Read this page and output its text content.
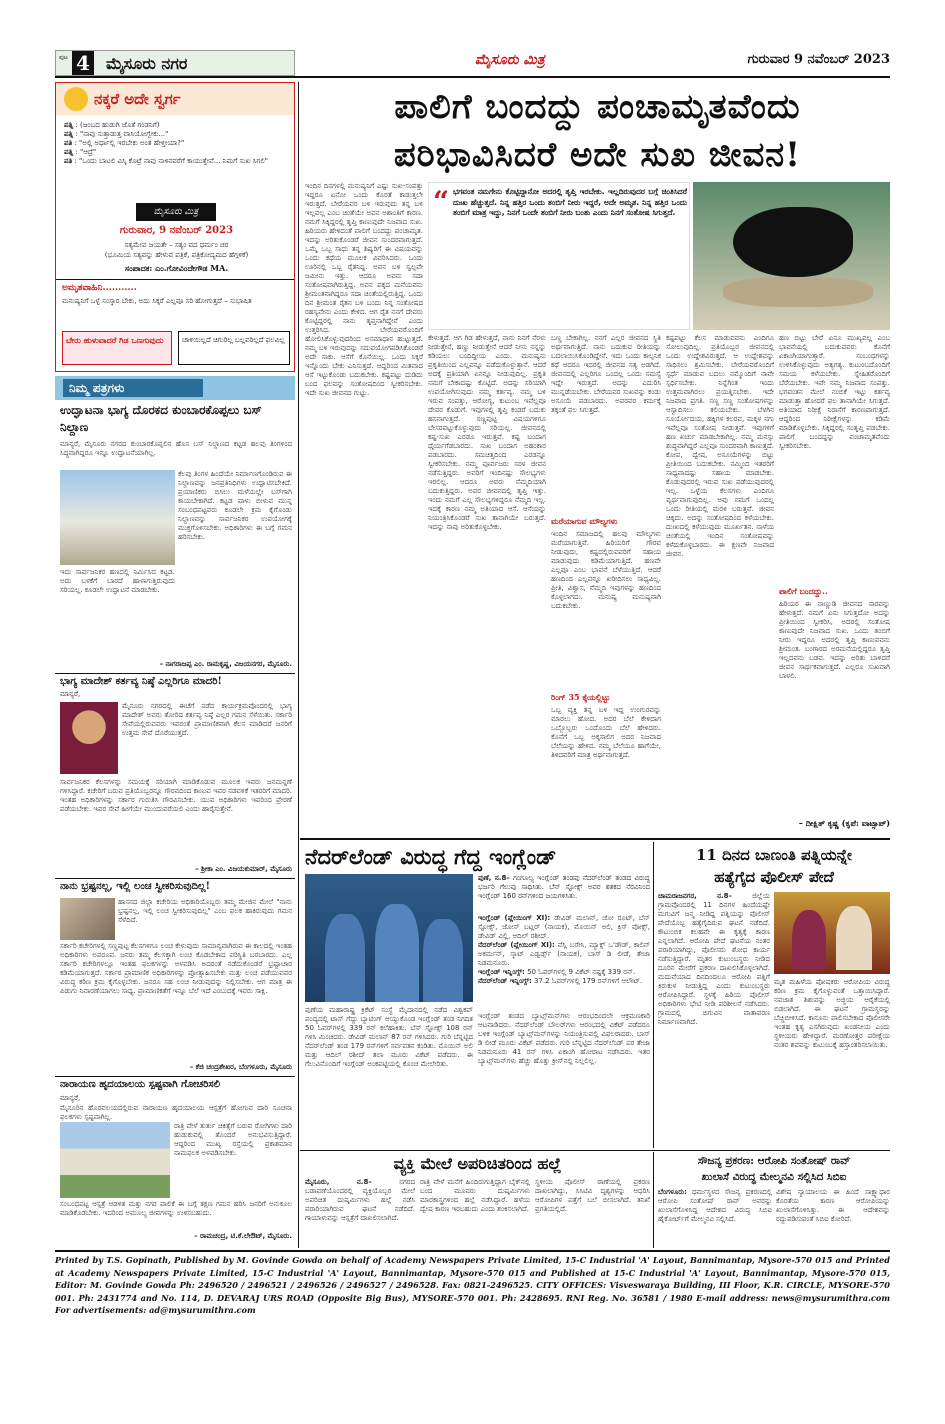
ಪುಟ 4 ಮೈಸೂರು ನಗರ	ಮೈಸೂರು ಮಿತ್ರ	ಗುರುವಾರ 9 ನವೆಂಬರ್ 2023
ನಕ್ಕರೆ ಅದೇ ಸ್ವರ್ಗ
ಪತ್ನಿ : (ಜಂಬದ ಹುಡುಗಿ ಜೊತೆ ಗಂಡನಿಗೆ)
ಪತ್ನಿ : "ನಾವು ಸುತ್ತಾಡುತ್ತ ವಾಸಿಯೋಗ್ಬೇಕು..."
ಪತಿ : "ಅಲ್ಲಿ ಅರ್ಧಾಲ್ಲಿ ಇರಬೇಕು ಅಂತ ಹೇಳ್ತೀಯಾ?"
ಪತ್ನಿ : "ಆದ್ರೆ"
ಪತಿ : "ಒಂದು ಬಾಟಲಿ ವಿಸ್ಕಿ ಕೊಟ್ರೆ ನಾವು ನಾಳಿನವರೆಗೆ ಕಾಯುತ್ತೇವೆ... ನಿಮಗೆ ಸುಖ ಸಿಗಲಿ"
ಮೈಸೂರು ಮಿತ್ರ
ಗುರುವಾರ, 9 ನವೆಂಬರ್ 2023
ಸತ್ಯಮೇವ ಜಯತೇ – ಸತ್ಯಂ ವದ ಧರ್ಮಂ ಚರ
(ಭೂಮಿಯ ಸತ್ಯವನ್ನು ಹೇಳುವ ಪತ್ರಿಕೆ, ಪತ್ರಿಕೋದ್ಯಮದ ಹೆಗ್ಗಳಿಕೆ)
ಸಂಪಾದಕ: ಎಂ.ಗೋವಿಂದೇಗೌಡ MA.
ಅಮೃತವಾಹಿನಿ...........
ಮನುಷ್ಯನಿಗೆ ಒಳ್ಳೆ ಸಂಸ್ಕಾರ ಬೇಕು, ಅದು ಸಿಕ್ಕರೆ ಎಲ್ಲವೂ ಸರಿ ಹೋಗುತ್ತದೆ – ಸುಭಾಷಿತ
ಬೇರು ಹುಳುವಾದರೆ ಗಿಡ ಒಣಗುವುದು	ಚಾಳಿಯಿಲ್ಲದೆ ಚಿಗುರಿಲ್ಲ ಬಲ್ಲವರಿಲ್ಲದೆ ಫಲವಿಲ್ಲ
ನಿಮ್ಮ ಪತ್ರಗಳು
ಉದ್ಘಾಟನಾ ಭಾಗ್ಯ ದೊರಕದ ಕುಂಬಾರಕೊಪ್ಪಲು ಬಸ್ ನಿಲ್ದಾಣ
ಮಾನ್ಯರೆ, ಮೈಸೂರು ನಗರದ ಕುಂಬಾರಕೊಪ್ಪಲಿನ ಹೊಸ ಬಸ್ ನಿಲ್ದಾಣದ ಕಟ್ಟಡ ಹಲವು ತಿಂಗಳಿಂದ ಸಿದ್ಧವಾಗಿದ್ದರೂ ಇನ್ನೂ ಉದ್ಘಾಟನೆಯಾಗಿಲ್ಲ.
ಕೆಲವು ತಿಂಗಳ ಹಿಂದೆಯೇ ನಿರ್ಮಾಣಗೊಂಡಿರುವ ಈ ನಿಲ್ದಾಣವನ್ನು ಜನಪ್ರತಿನಿಧಿಗಳು ಉದ್ಘಾಟಿಸಬೇಕಿದೆ. ಪ್ರಯಾಣಿಕರು ಬಿಸಿಲು ಮಳೆಯಲ್ಲೇ ಬಸ್‌ಗಾಗಿ ಕಾಯಬೇಕಾಗಿದೆ. ಕಟ್ಟಡ ಪಾಳು ಬೀಳುವ ಮುನ್ನ ಸಂಬಂಧಪಟ್ಟವರು ಕೂಡಲೇ ಕ್ರಮ ಕೈಗೊಂಡು ನಿಲ್ದಾಣವನ್ನು ಸಾರ್ವಜನಿಕರ ಉಪಯೋಗಕ್ಕೆ ಮುಕ್ತಗೊಳಿಸಬೇಕು. ಅಧಿಕಾರಿಗಳು ಈ ಬಗ್ಗೆ ಗಮನ ಹರಿಸಬೇಕು.
ಇದು ಸಾರ್ವಜನಿಕರ ಹಣದಲ್ಲಿ ನಿರ್ಮಿಸಿದ ಕಟ್ಟಡ. ಅದು ಬಳಕೆಗೆ ಬಾರದೆ ಹಾಳಾಗುತ್ತಿರುವುದು ಸರಿಯಲ್ಲ. ಕೂಡಲೇ ಉದ್ಘಾಟನೆ ಮಾಡಬೇಕು.
– ನಾಗರಾಜಪ್ಪ ಎಂ. ರಾಮಕೃಷ್ಣ, ವಿಜಯನಗರ, ಮೈಸೂರು.
ಭಾಗ್ಯ ಮಾದೇಶ್ ಕರ್ತವ್ಯ ನಿಷ್ಠೆ ಎಲ್ಲರಿಗೂ ಮಾದರಿ!
ಮಾನ್ಯರೆ,
ಮೈಸೂರು ನಗರದಲ್ಲಿ ಈಚೆಗೆ ನಡೆದ ಕಾರ್ಯಕ್ರಮವೊಂದರಲ್ಲಿ ಭಾಗ್ಯ ಮಾದೇಶ್ ಅವರು ತೋರಿದ ಕರ್ತವ್ಯ ನಿಷ್ಠೆ ಎಲ್ಲರ ಗಮನ ಸೆಳೆಯಿತು. ಸರ್ಕಾರಿ ಸೇವೆಯಲ್ಲಿರುವವರು ಇವರಂತೆ ಪ್ರಾಮಾಣಿಕವಾಗಿ ಕೆಲಸ ಮಾಡಿದರೆ ಜನರಿಗೆ ಉತ್ತಮ ಸೇವೆ ದೊರೆಯುತ್ತದೆ.
ಸಾರ್ವಜನಿಕರ ಕೆಲಸಗಳನ್ನು ಸಮಯಕ್ಕೆ ಸರಿಯಾಗಿ ಮಾಡಿಕೊಡುವ ಮೂಲಕ ಇವರು ಜನಮನ್ನಣೆ ಗಳಿಸಿದ್ದಾರೆ. ಕಚೇರಿಗೆ ಬರುವ ಪ್ರತಿಯೊಬ್ಬರನ್ನೂ ಗೌರವದಿಂದ ಕಾಣುವ ಇವರ ನಡವಳಿಕೆ ಇತರರಿಗೆ ಮಾದರಿ. ಇಂತಹ ಅಧಿಕಾರಿಗಳನ್ನು ಸರ್ಕಾರ ಗುರುತಿಸಿ ಗೌರವಿಸಬೇಕು. ಯುವ ಅಧಿಕಾರಿಗಳು ಇವರಿಂದ ಪ್ರೇರಣೆ ಪಡೆಯಬೇಕು. ಇವರ ಸೇವೆ ಹೀಗೆಯೇ ಮುಂದುವರೆಯಲಿ ಎಂದು ಹಾರೈಸುತ್ತೇನೆ.
– ಶ್ರೀಕಾ ಎಂ. ವಿಜಯಕುಮಾರ್, ಮೈಸೂರು
ನಾನು ಭ್ರಷ್ಟನಲ್ಲ, ಇಲ್ಲಿ ಲಂಚ ಸ್ವೀಕರಿಸುವುದಿಲ್ಲ!
ಹಾಸನದ ಜಿಲ್ಲಾ ಕಚೇರಿಯ ಅಧಿಕಾರಿಯೊಬ್ಬರು ತಮ್ಮ ಮೇಜಿನ ಮೇಲೆ "ನಾನು ಭ್ರಷ್ಟನಲ್ಲ, ಇಲ್ಲಿ ಲಂಚ ಸ್ವೀಕರಿಸುವುದಿಲ್ಲ" ಎಂಬ ಫಲಕ ಹಾಕಿರುವುದು ಗಮನ ಸೆಳೆದಿದೆ.
ಸರ್ಕಾರಿ ಕಚೇರಿಗಳಲ್ಲಿ ಸಣ್ಣಪುಟ್ಟ ಕೆಲಸಗಳಿಗೂ ಲಂಚ ಕೇಳುವುದು ಸಾಮಾನ್ಯವಾಗಿರುವ ಈ ಕಾಲದಲ್ಲಿ ಇಂತಹ ಅಧಿಕಾರಿಗಳು ಅಪರೂಪ. ಜನರು ತಮ್ಮ ಕೆಲಸಕ್ಕಾಗಿ ಲಂಚ ಕೊಡಬೇಕಾದ ಪರಿಸ್ಥಿತಿ ಬರಬಾರದು. ಎಲ್ಲ ಸರ್ಕಾರಿ ಕಚೇರಿಗಳಲ್ಲೂ ಇಂತಹ ಫಲಕಗಳನ್ನು ಅಳವಡಿಸಿ ಅದರಂತೆ ನಡೆದುಕೊಂಡರೆ ಭ್ರಷ್ಟಾಚಾರ ಕಡಿಮೆಯಾಗುತ್ತದೆ. ಸರ್ಕಾರ ಪ್ರಾಮಾಣಿಕ ಅಧಿಕಾರಿಗಳನ್ನು ಪ್ರೋತ್ಸಾಹಿಸಬೇಕು ಮತ್ತು ಲಂಚ ಪಡೆಯುವವರ ವಿರುದ್ಧ ಕಠಿಣ ಕ್ರಮ ಕೈಗೊಳ್ಳಬೇಕು. ಜನರೂ ಸಹ ಲಂಚ ನೀಡುವುದನ್ನು ನಿಲ್ಲಿಸಬೇಕು. ಆಗ ಮಾತ್ರ ಈ ಪಿಡುಗು ನಿವಾರಣೆಯಾಗಲು ಸಾಧ್ಯ. ಪ್ರಾಮಾಣಿಕತೆಗೆ ಇನ್ನೂ ಬೆಲೆ ಇದೆ ಎಂಬುದಕ್ಕೆ ಇವರು ಸಾಕ್ಷಿ.
– ಕೆಜಿ ಚಂದ್ರಶೇಖರ, ಬೆಂಗಳೂರು, ಮೈಸೂರು
ನಾರಾಯಣ ಹೃದಯಾಲಯ ಸ್ಪಷ್ಟವಾಗಿ ಗೋಚರಿಸಲಿ
ಮಾನ್ಯರೆ,
ಮೈಸೂರಿನ ಹೊರವಲಯದಲ್ಲಿರುವ ನಾರಾಯಣ ಹೃದಯಾಲಯ ಆಸ್ಪತ್ರೆಗೆ ಹೋಗುವ ದಾರಿ ಸೂಚನಾ ಫಲಕಗಳು ಸ್ಪಷ್ಟವಾಗಿಲ್ಲ.
ರಾತ್ರಿ ವೇಳೆ ತುರ್ತು ಚಿಕಿತ್ಸೆಗೆ ಬರುವ ರೋಗಿಗಳು ದಾರಿ ಹುಡುಕುವಲ್ಲಿ ತೊಂದರೆ ಅನುಭವಿಸುತ್ತಿದ್ದಾರೆ. ಆದ್ದರಿಂದ ಮುಖ್ಯ ರಸ್ತೆಯಲ್ಲಿ ಪ್ರಕಾಶಮಾನ ನಾಮಫಲಕ ಅಳವಡಿಸಬೇಕು.
ಸಂಬಂಧಪಟ್ಟ ಆಸ್ಪತ್ರೆ ಆಡಳಿತ ಮತ್ತು ನಗರ ಪಾಲಿಕೆ ಈ ಬಗ್ಗೆ ತಕ್ಷಣ ಗಮನ ಹರಿಸಿ ಜನರಿಗೆ ಅನುಕೂಲ ಮಾಡಿಕೊಡಬೇಕು. ಇದರಿಂದ ಅಮೂಲ್ಯ ಜೀವಗಳನ್ನು ಉಳಿಸಬಹುದು.
– ರಾಮಚಂದ್ರ, ಟಿ.ಕೆ.ಲೇಔಟ್, ಮೈಸೂರು.
ಪಾಲಿಗೆ ಬಂದದ್ದು ಪಂಚಾಮೃತವೆಂದು
ಪರಿಭಾವಿಸಿದರೆ ಅದೇ ಸುಖ ಜೀವನ!
ಇಂದಿನ ದಿನಗಳಲ್ಲಿ ಮನುಷ್ಯನಿಗೆ ಎಷ್ಟು ಸುಖ-ಸಂಪತ್ತು ಇದ್ದರೂ ಏನೋ ಒಂದು ಕೊರತೆ ಕಾಡುತ್ತಲೇ ಇರುತ್ತದೆ. ಬೇರೆಯವರ ಬಳಿ ಇರುವುದು ತನ್ನ ಬಳಿ ಇಲ್ಲವಲ್ಲ ಎಂಬ ಚಿಂತೆಯೇ ಅವನ ಅಶಾಂತಿಗೆ ಕಾರಣ. ನಮಗೆ ಸಿಕ್ಕಿದ್ದರಲ್ಲಿ ತೃಪ್ತಿ ಕಾಣುವುದೇ ನಿಜವಾದ ಸುಖ. ಹಿರಿಯರು ಹೇಳಿದಂತೆ ಪಾಲಿಗೆ ಬಂದದ್ದು ಪಂಚಾಮೃತ. ಇದನ್ನು ಅರಿತುಕೊಂಡರೆ ಜೀವನ ಸುಂದರವಾಗುತ್ತದೆ. ಒಮ್ಮೆ ಒಬ್ಬ ಸಾಧು ತನ್ನ ಶಿಷ್ಯರಿಗೆ ಈ ವಿಷಯವನ್ನು ಒಂದು ಕಥೆಯ ಮೂಲಕ ವಿವರಿಸಿದರು. ಒಂದು ಊರಿನಲ್ಲಿ ಒಬ್ಬ ರೈತನಿದ್ದ. ಅವನ ಬಳಿ ಸ್ವಲ್ಪವೇ ಜಮೀನು ಇತ್ತು. ಆದರೂ ಅವನು ಸದಾ ಸಂತೋಷವಾಗಿರುತ್ತಿದ್ದ. ಅವನ ಪಕ್ಕದ ಮನೆಯವನು ಶ್ರೀಮಂತನಾಗಿದ್ದರೂ ಸದಾ ಚಿಂತೆಯಲ್ಲಿರುತ್ತಿದ್ದ. ಒಂದು ದಿನ ಶ್ರೀಮಂತ ರೈತನ ಬಳಿ ಬಂದು ನಿನ್ನ ಸಂತೋಷದ ರಹಸ್ಯವೇನು ಎಂದು ಕೇಳಿದ. ಆಗ ರೈತ ನನಗೆ ದೇವರು ಕೊಟ್ಟಿದ್ದರಲ್ಲಿ ನಾನು ತೃಪ್ತನಾಗಿದ್ದೇನೆ ಎಂದು ಉತ್ತರಿಸಿದ. ಬೇರೆಯವರೊಂದಿಗೆ ಹೋಲಿಸಿಕೊಳ್ಳುವುದರಿಂದ ಅಸಮಾಧಾನ ಹುಟ್ಟುತ್ತದೆ. ನಮ್ಮ ಬಳಿ ಇರುವುದನ್ನು ಸದುಪಯೋಗಪಡಿಸಿಕೊಂಡರೆ ಅದೇ ಸಾಕು. ಆಸೆಗೆ ಕೊನೆಯಿಲ್ಲ. ಒಂದು ಸಿಕ್ಕರೆ ಇನ್ನೊಂದು ಬೇಕು ಎನಿಸುತ್ತದೆ. ಆದ್ದರಿಂದ ಮಿತವಾದ ಆಸೆ ಇಟ್ಟುಕೊಂಡು ಬದುಕಬೇಕು. ಕಷ್ಟಪಟ್ಟು ದುಡಿದು ಬಂದ ಫಲವನ್ನು ಸಂತೋಷದಿಂದ ಸ್ವೀಕರಿಸಬೇಕು. ಇದೇ ಸುಖ ಜೀವನದ ಗುಟ್ಟು.
“ ಭಗವಂತ ನಮಗೇನು ಕೊಟ್ಟಿದ್ದಾನೋ ಅದರಲ್ಲಿ ತೃಪ್ತಿ ಇರಬೇಕು. ಇಲ್ಲದಿರುವುದರ ಬಗ್ಗೆ ಚಿಂತಿಸಿದರೆ ದುಃಖ ಹೆಚ್ಚುತ್ತದೆ. ನಿನ್ನ ಹತ್ತಿರ ಒಂದು ತಂಬಿಗೆ ನೀರು ಇದ್ದರೆ, ಅದೇ ಅಮೃತ. ನಿನ್ನ ಹತ್ತಿರ ಒಂದು ತಂಬಿಗೆ ಮಾತ್ರ ಇದ್ದು, ನಿನಗೆ ಒಂದೇ ತಂಬಿಗೆ ನೀರು ಬಂತು ಎಂದು ನಿನಗೆ ಸಂತೋಷ ಸಿಗುತ್ತದೆ.
ಕೇಳುತ್ತದೆ. ಆಗ ಗಿಡ ಹೇಳುತ್ತದೆ, ನಾನು ನಿನಗೆ ನೆರಳು ನೀಡುತ್ತೇನೆ, ಹಣ್ಣು ನೀಡುತ್ತೇನೆ ಆದರೆ ನೀನು ನನ್ನನ್ನು ಕಡಿಯಲು ಬಂದಿದ್ದೀಯ ಎಂದು. ಮನುಷ್ಯನು ಪ್ರಕೃತಿಯಿಂದ ಎಲ್ಲವನ್ನೂ ಪಡೆದುಕೊಳ್ಳುತ್ತಾನೆ. ಆದರೆ ಅದಕ್ಕೆ ಪ್ರತಿಯಾಗಿ ಏನನ್ನೂ ನೀಡುವುದಿಲ್ಲ. ಪ್ರಕೃತಿ ನಮಗೆ ಬೇಕಾದಷ್ಟು ಕೊಟ್ಟಿದೆ. ಅದನ್ನು ಸರಿಯಾಗಿ ಉಪಯೋಗಿಸುವುದು ನಮ್ಮ ಕರ್ತವ್ಯ. ನಮ್ಮ ಬಳಿ ಇರುವ ಸಂಪತ್ತು, ಆರೋಗ್ಯ, ಕುಟುಂಬ ಇವೆಲ್ಲವೂ ದೇವರ ಕೊಡುಗೆ. ಇವುಗಳಲ್ಲಿ ತೃಪ್ತಿ ಕಂಡರೆ ಬದುಕು ಹಸನಾಗುತ್ತದೆ. ಸಣ್ಣಪುಟ್ಟ ವಿಷಯಗಳಿಗೂ ಬೇಸರಪಟ್ಟುಕೊಳ್ಳುವುದು ಸರಿಯಲ್ಲ. ಜೀವನದಲ್ಲಿ ಕಷ್ಟ-ಸುಖ ಎರಡೂ ಇರುತ್ತವೆ. ಕಷ್ಟ ಬಂದಾಗ ಧೈರ್ಯಗೆಡಬಾರದು. ಸುಖ ಬಂದಾಗ ಅಹಂಕಾರ ಪಡಬಾರದು. ಸಮಚಿತ್ತದಿಂದ ಎರಡನ್ನೂ ಸ್ವೀಕರಿಸಬೇಕು. ನಮ್ಮ ಪೂರ್ವಜರು ಸರಳ ಜೀವನ ನಡೆಸುತ್ತಿದ್ದರು. ಅವರಿಗೆ ಇಂದಿನಷ್ಟು ಸೌಲಭ್ಯಗಳು ಇರಲಿಲ್ಲ. ಆದರೂ ಅವರು ನೆಮ್ಮದಿಯಾಗಿ ಬದುಕುತ್ತಿದ್ದರು. ಅವರ ಜೀವನದಲ್ಲಿ ತೃಪ್ತಿ ಇತ್ತು. ಇಂದು ನಮಗೆ ಎಲ್ಲ ಸೌಲಭ್ಯಗಳಿದ್ದರೂ ನೆಮ್ಮದಿ ಇಲ್ಲ. ಇದಕ್ಕೆ ಕಾರಣ ನಮ್ಮ ಅತಿಯಾದ ಆಸೆ. ಆಸೆಯನ್ನು ನಿಯಂತ್ರಿಸಿಕೊಂಡರೆ ಸುಖ ತಾನಾಗಿಯೇ ಬರುತ್ತದೆ. ಇದನ್ನು ನಾವು ಅರಿತುಕೊಳ್ಳಬೇಕು.
ಬಣ್ಣ ಬೇಕಾಗಿಲ್ಲ. ನನಗೆ ಎಲ್ಲರ ಜೀವನದ ಸ್ಥಿತಿ ಅರ್ಥವಾಗುತ್ತಿದೆ. ನಾನು ಬದುಕುವ ರೀತಿಯನ್ನು ಬದಲಾಯಿಸಿಕೊಂಡಿದ್ದೇನೆ. ಇದು ಒಂದು ಕಾಲ್ಪನಿಕ ಕಥೆ ಆದರೂ ಇದರಲ್ಲಿ ಜೀವನದ ಸತ್ಯ ಅಡಗಿದೆ. ಜೀವನದಲ್ಲಿ ಎಲ್ಲರಿಗೂ ಒಂದಲ್ಲ ಒಂದು ಸಮಸ್ಯೆ ಇದ್ದೇ ಇರುತ್ತದೆ. ಅದನ್ನು ಎದುರಿಸಿ ಮುನ್ನಡೆಯಬೇಕು. ಬೇರೆಯವರ ಸುಖವನ್ನು ಕಂಡು ಅಸೂಯೆ ಪಡಬಾರದು. ಅವರವರ ಕರ್ಮಕ್ಕೆ ತಕ್ಕಂತೆ ಫಲ ಸಿಗುತ್ತದೆ.
ಮರೆಯಾಗುವ ಮೌಲ್ಯಗಳು
ಇಂದಿನ ಸಮಾಜದಲ್ಲಿ ಹಲವು ಮೌಲ್ಯಗಳು ಮರೆಯಾಗುತ್ತಿವೆ. ಹಿರಿಯರಿಗೆ ಗೌರವ ನೀಡುವುದು, ಕಷ್ಟದಲ್ಲಿರುವವರಿಗೆ ಸಹಾಯ ಮಾಡುವುದು ಕಡಿಮೆಯಾಗುತ್ತಿದೆ. ಹಣವೇ ಎಲ್ಲವೂ ಎಂಬ ಭಾವನೆ ಬೆಳೆಯುತ್ತಿದೆ. ಆದರೆ ಹಣದಿಂದ ಎಲ್ಲವನ್ನೂ ಖರೀದಿಸಲು ಸಾಧ್ಯವಿಲ್ಲ. ಪ್ರೀತಿ, ವಿಶ್ವಾಸ, ನೆಮ್ಮದಿ ಇವುಗಳನ್ನು ಹಣದಿಂದ ಕೊಳ್ಳಲಾಗದು. ಮನುಷ್ಯ ಮನುಷ್ಯನಾಗಿ ಬದುಕಬೇಕು.
ರಿಂಗ್ 35 ಕೈಯಲ್ಲಿಟ್ಟು
ಒಬ್ಬ ವ್ಯಕ್ತಿ ತನ್ನ ಬಳಿ ಇದ್ದ ಉಂಗುರವನ್ನು ಮಾರಲು ಹೋದ. ಅದರ ಬೆಲೆ ಕೇಳಿದಾಗ ಒಬ್ಬೊಬ್ಬರು ಒಂದೊಂದು ಬೆಲೆ ಹೇಳಿದರು. ಕೊನೆಗೆ ಒಬ್ಬ ಅಕ್ಕಸಾಲಿಗ ಅದರ ನಿಜವಾದ ಬೆಲೆಯನ್ನು ಹೇಳಿದ. ನಮ್ಮ ಬೆಲೆಯೂ ಹಾಗೆಯೇ, ತಿಳಿದವರಿಗೆ ಮಾತ್ರ ಅರ್ಥವಾಗುತ್ತದೆ.
ಕಷ್ಟಪಟ್ಟು ಕೆಲಸ ಮಾಡುವವನು ಎಂದಿಗೂ ಸೋಲುವುದಿಲ್ಲ. ಪ್ರತಿಯೊಬ್ಬರ ಜೀವನದಲ್ಲಿ ಒಂದು ಉದ್ದೇಶವಿರುತ್ತದೆ. ಆ ಉದ್ದೇಶವನ್ನು ಸಾಧಿಸಲು ಶ್ರಮಿಸಬೇಕು. ಬೇರೆಯವರೊಂದಿಗೆ ಸ್ಪರ್ಧೆ ಮಾಡುವ ಬದಲು ನಮ್ಮೊಂದಿಗೆ ನಾವೇ ಸ್ಪರ್ಧಿಸಬೇಕು. ನಿನ್ನೆಗಿಂತ ಇಂದು ಉತ್ತಮವಾಗಿರಲು ಪ್ರಯತ್ನಿಸಬೇಕು. ಇದೇ ನಿಜವಾದ ಪ್ರಗತಿ. ಸಣ್ಣ ಸಣ್ಣ ಸಂತೋಷಗಳನ್ನು ಆಸ್ವಾದಿಸಲು ಕಲಿಯಬೇಕು. ಬೆಳಗಿನ ಸೂರ್ಯೋದಯ, ಹಕ್ಕಿಗಳ ಕಲರವ, ಮಕ್ಕಳ ನಗು ಇವೆಲ್ಲವೂ ಸಂತೋಷ ನೀಡುತ್ತವೆ. ಇವುಗಳಿಗೆ ಹಣ ಖರ್ಚು ಮಾಡಬೇಕಾಗಿಲ್ಲ. ನಮ್ಮ ಮನಸ್ಸು ಶುದ್ಧವಾಗಿದ್ದರೆ ಎಲ್ಲವೂ ಸುಂದರವಾಗಿ ಕಾಣುತ್ತದೆ. ಕೋಪ, ದ್ವೇಷ, ಅಸೂಯೆಗಳನ್ನು ಬಿಟ್ಟು ಪ್ರೀತಿಯಿಂದ ಬದುಕಬೇಕು. ನಮ್ಮಿಂದ ಇತರರಿಗೆ ಸಾಧ್ಯವಾದಷ್ಟು ಸಹಾಯ ಮಾಡಬೇಕು. ಕೊಡುವುದರಲ್ಲಿ ಇರುವ ಸುಖ ಪಡೆಯುವುದರಲ್ಲಿ ಇಲ್ಲ. ಒಳ್ಳೆಯ ಕೆಲಸಗಳು ಎಂದಿಗೂ ವ್ಯರ್ಥವಾಗುವುದಿಲ್ಲ. ಅವು ನಮಗೆ ಒಂದಲ್ಲ ಒಂದು ರೀತಿಯಲ್ಲಿ ಮರಳಿ ಬರುತ್ತವೆ. ಜೀವನ ಚಿಕ್ಕದು. ಅದನ್ನು ಸಂತೋಷದಿಂದ ಕಳೆಯಬೇಕು. ದುಃಖದಲ್ಲಿ ಕಳೆಯುವುದು ಮೂರ್ಖತನ. ನಾಳೆಯ ಚಿಂತೆಯಲ್ಲಿ ಇಂದಿನ ಸಂತೋಷವನ್ನು ಕಳೆದುಕೊಳ್ಳಬಾರದು. ಈ ಕ್ಷಣವೇ ನಿಜವಾದ ಜೀವನ.
ಹಣ ಬಿಟ್ಟು ಬೇರೆ ಏನೂ ಮುಖ್ಯವಲ್ಲ ಎಂಬ ಭಾವನೆಯಲ್ಲಿ ಬದುಕುವವರು ಕೊನೆಗೆ ಏಕಾಂಗಿಯಾಗುತ್ತಾರೆ. ಸಂಬಂಧಗಳನ್ನು ಉಳಿಸಿಕೊಳ್ಳುವುದು ಅತ್ಯಗತ್ಯ. ಕುಟುಂಬದೊಂದಿಗೆ ಸಮಯ ಕಳೆಯಬೇಕು. ಸ್ನೇಹಿತರೊಂದಿಗೆ ಬೆರೆಯಬೇಕು. ಇವೇ ನಮ್ಮ ನಿಜವಾದ ಸಂಪತ್ತು. ಭಗವಂತನ ಮೇಲೆ ನಂಬಿಕೆ ಇಟ್ಟು ಕರ್ತವ್ಯ ಮಾಡುತ್ತಾ ಹೋದರೆ ಫಲ ತಾನಾಗಿಯೇ ಸಿಗುತ್ತದೆ. ಅತಿಯಾದ ನಿರೀಕ್ಷೆ ನಿರಾಸೆಗೆ ಕಾರಣವಾಗುತ್ತದೆ. ಆದ್ದರಿಂದ ನಿರೀಕ್ಷೆಗಳನ್ನು ಕಡಿಮೆ ಮಾಡಿಕೊಳ್ಳಬೇಕು. ಸಿಕ್ಕಿದ್ದರಲ್ಲಿ ಸಂತೃಪ್ತಿ ಪಡಬೇಕು. ಪಾಲಿಗೆ ಬಂದದ್ದನ್ನು ಪಂಚಾಮೃತವೆಂದು ಸ್ವೀಕರಿಸಬೇಕು.
ಪಾಲಿಗೆ ಬಂದದ್ದು..
ಹಿರಿಯರ ಈ ನಾಣ್ಣುಡಿ ಜೀವನದ ಸಾರವನ್ನು ಹೇಳುತ್ತದೆ. ನಮಗೆ ಏನು ಸಿಗುತ್ತದೋ ಅದನ್ನು ಪ್ರೀತಿಯಿಂದ ಸ್ವೀಕರಿಸಿ, ಅದರಲ್ಲಿ ಸಂತೋಷ ಕಾಣುವುದೇ ನಿಜವಾದ ಸುಖ. ಒಂದು ತಂಬಿಗೆ ನೀರು ಇದ್ದರೂ ಅದರಲ್ಲಿ ತೃಪ್ತಿ ಕಾಣುವವನು ಶ್ರೀಮಂತ. ಬಂಗಾರದ ಅರಮನೆಯಲ್ಲಿದ್ದರೂ ತೃಪ್ತಿ ಇಲ್ಲದವನು ಬಡವ. ಇದನ್ನು ಅರಿತು ಬಾಳಿದರೆ ಜೀವನ ಸಾರ್ಥಕವಾಗುತ್ತದೆ. ಎಲ್ಲರೂ ಸುಖವಾಗಿ ಬಾಳಲಿ.
– ದೀಕ್ಷಿತ್ ಕೃಷ್ಣ (ಕೃಪೆ: ವಾಟ್ಸಾಪ್)
ನೆದರ್‌ಲೆಂಡ್ ವಿರುದ್ಧ ಗೆದ್ದ ಇಂಗ್ಲೆಂಡ್
ಪುಣೆ, ನ.8– ಗಂಗೂಲ್ಯ ಇಂಗ್ಲೆಂಡ್ ತಂಡವು ನೆದರ್‌ಲೆಂಡ್ ತಂಡದ ವಿರುದ್ಧ ಭರ್ಜರಿ ಗೆಲುವು ಸಾಧಿಸಿತು. ಬೆನ್ ಸ್ಟೋಕ್ಸ್ ಅವರ ಶತಕದ ನೆರವಿನಿಂದ ಇಂಗ್ಲೆಂಡ್ 160 ರನ್‌ಗಳಿಂದ ಜಯಗಳಿಸಿತು.
ಇಂಗ್ಲೆಂಡ್ (ಪ್ಲೇಯಿಂಗ್ XI): ಡೇವಿಡ್ ಮಲಾನ್, ಜೋ ರೂಟ್, ಬೆನ್ ಸ್ಟೋಕ್ಸ್, ಜೋಸ್ ಬಟ್ಲರ್ (ನಾಯಕ), ಮೊಯಿನ್ ಅಲಿ, ಕ್ರಿಸ್ ವೋಕ್ಸ್, ಡೇವಿಡ್ ವಿಲ್ಲಿ, ಆದಿಲ್ ರಶೀದ್.
ನೆದರ್‌ಲೆಂಡ್ (ಪ್ಲೇಯಿಂಗ್ XI): ವೆಸ್ಲಿ ಬರೇಸಿ, ಮ್ಯಾಕ್ಸ್ ಒ'ಡೌಡ್, ಕಾಲಿನ್ ಅಕರ್ಮನ್, ಸ್ಕಾಟ್ ಎಡ್ವರ್ಡ್ಸ್ (ನಾಯಕ), ಬಾಸ್ ಡಿ ಲೀಡೆ, ತೇಜಾ ನಿಡಮನೂರು.
ಇಂಗ್ಲೆಂಡ್ ಇನ್ನಿಂಗ್ಸ್: 50 ಓವರ್‌ಗಳಲ್ಲಿ 9 ವಿಕೆಟ್ ನಷ್ಟಕ್ಕೆ 339 ರನ್.
ನೆದರ್‌ಲೆಂಡ್ ಇನ್ನಿಂಗ್ಸ್: 37.2 ಓವರ್‌ಗಳಲ್ಲಿ 179 ರನ್‌ಗಳಿಗೆ ಆಲೌಟ್.
ಪುಣೆಯ ಮಹಾರಾಷ್ಟ್ರ ಕ್ರಿಕೆಟ್ ಸಂಸ್ಥೆ ಮೈದಾನದಲ್ಲಿ ನಡೆದ ವಿಶ್ವಕಪ್ ಪಂದ್ಯದಲ್ಲಿ ಟಾಸ್ ಗೆದ್ದು ಬ್ಯಾಟಿಂಗ್ ಆಯ್ದುಕೊಂಡ ಇಂಗ್ಲೆಂಡ್ ತಂಡ ನಿಗದಿತ 50 ಓವರ್‌ಗಳಲ್ಲಿ 339 ರನ್ ಕಲೆಹಾಕಿತು. ಬೆನ್ ಸ್ಟೋಕ್ಸ್ 108 ರನ್ ಗಳಿಸಿ ಮಿಂಚಿದರು. ಡೇವಿಡ್ ಮಲಾನ್ 87 ರನ್ ಗಳಿಸಿದರು. ಗುರಿ ಬೆನ್ನಟ್ಟಿದ ನೆದರ್‌ಲೆಂಡ್ ತಂಡ 179 ರನ್‌ಗಳಿಗೆ ಸರ್ವಪತನ ಕಂಡಿತು. ಮೊಯಿನ್ ಅಲಿ ಮತ್ತು ಆದಿಲ್ ರಶೀದ್ ತಲಾ ಮೂರು ವಿಕೆಟ್ ಪಡೆದರು. ಈ ಗೆಲುವಿನೊಂದಿಗೆ ಇಂಗ್ಲೆಂಡ್ ಅಂಕಪಟ್ಟಿಯಲ್ಲಿ ಕೊಂಚ ಮೇಲೇರಿತು.
ಇಂಗ್ಲೆಂಡ್ ತಂಡದ ಬ್ಯಾಟ್ಸ್‌ಮನ್‌ಗಳು ಆರಂಭದಿಂದಲೇ ಆಕ್ರಮಣಕಾರಿ ಆಟವಾಡಿದರು. ನೆದರ್‌ಲೆಂಡ್ ಬೌಲರ್‌ಗಳು ಆರಂಭದಲ್ಲಿ ವಿಕೆಟ್ ಪಡೆದರೂ ಬಳಿಕ ಇಂಗ್ಲೆಂಡ್ ಬ್ಯಾಟ್ಸ್‌ಮನ್‌ಗಳನ್ನು ನಿಯಂತ್ರಿಸುವಲ್ಲಿ ವಿಫಲರಾದರು. ಬಾಸ್ ಡಿ ಲೀಡೆ ಮೂರು ವಿಕೆಟ್ ಪಡೆದರು. ಗುರಿ ಬೆನ್ನಟ್ಟಿದ ನೆದರ್‌ಲೆಂಡ್ ಪರ ತೇಜಾ ನಿಡಮನೂರು 41 ರನ್ ಗಳಿಸಿ ಏಕಾಂಗಿ ಹೋರಾಟ ನಡೆಸಿದರು. ಇತರ ಬ್ಯಾಟ್ಸ್‌ಮನ್‌ಗಳು ಹೆಚ್ಚು ಹೊತ್ತು ಕ್ರೀಸ್‌ನಲ್ಲಿ ನಿಲ್ಲಲಿಲ್ಲ.
11 ದಿನದ ಬಾಣಂತಿ ಪತ್ನಿಯನ್ನೇ
ಹತ್ಯೆಗೈದ ಪೊಲೀಸ್ ಪೇದೆ
ಚಾಮರಾಜನಗರ, ನ.8–	ಜಿಲ್ಲೆಯ ಗ್ರಾಮವೊಂದರಲ್ಲಿ 11 ದಿನಗಳ ಹಿಂದೆಯಷ್ಟೇ ಮಗುವಿಗೆ ಜನ್ಮ ನೀಡಿದ್ದ ಪತ್ನಿಯನ್ನು ಪೊಲೀಸ್ ಪೇದೆಯೊಬ್ಬ ಹತ್ಯೆಗೈದಿರುವ ಘಟನೆ ನಡೆದಿದೆ. ಕೌಟುಂಬಿಕ ಕಲಹವೇ ಈ ಕೃತ್ಯಕ್ಕೆ ಕಾರಣ ಎನ್ನಲಾಗಿದೆ. ಆರೋಪಿ ಪೇದೆ ಘಟನೆಯ ನಂತರ ಪರಾರಿಯಾಗಿದ್ದು, ಪೊಲೀಸರು ಶೋಧ ಕಾರ್ಯ ನಡೆಸುತ್ತಿದ್ದಾರೆ. ಮೃತರ ಕುಟುಂಬಸ್ಥರು ನೀಡಿದ ದೂರಿನ ಮೇರೆಗೆ ಪ್ರಕರಣ ದಾಖಲಿಸಿಕೊಳ್ಳಲಾಗಿದೆ. ಮದುವೆಯಾದ ದಿನದಿಂದಲೂ ಆರೋಪಿ ಪತ್ನಿಗೆ ಕಿರುಕುಳ ನೀಡುತ್ತಿದ್ದ ಎಂದು ಕುಟುಂಬಸ್ಥರು ಆರೋಪಿಸಿದ್ದಾರೆ. ಸ್ಥಳಕ್ಕೆ ಹಿರಿಯ ಪೊಲೀಸ್ ಅಧಿಕಾರಿಗಳು ಭೇಟಿ ನೀಡಿ ಪರಿಶೀಲನೆ ನಡೆಸಿದರು. ಗ್ರಾಮದಲ್ಲಿ ಬಿಗುವಿನ ವಾತಾವರಣ ನಿರ್ಮಾಣವಾಗಿದೆ.
ಮೃತ ಮಹಿಳೆಯ ಪೋಷಕರು ಆರೋಪಿಯ ವಿರುದ್ಧ ಕಠಿಣ ಕ್ರಮ ಕೈಗೊಳ್ಳುವಂತೆ ಒತ್ತಾಯಿಸಿದ್ದಾರೆ. ನವಜಾತ ಶಿಶುವನ್ನು ಅಜ್ಜಿಯ ಆರೈಕೆಯಲ್ಲಿ ಬಿಡಲಾಗಿದೆ. ಈ ಘಟನೆ ಗ್ರಾಮಸ್ಥರನ್ನು ಬೆಚ್ಚಿಬೀಳಿಸಿದೆ. ಕಾನೂನು ಪಾಲಿಸಬೇಕಾದ ಪೊಲೀಸರೇ ಇಂತಹ ಕೃತ್ಯ ಎಸಗಿರುವುದು ಖಂಡನೀಯ ಎಂದು ಸ್ಥಳೀಯರು ಹೇಳಿದ್ದಾರೆ. ಮರಣೋತ್ತರ ಪರೀಕ್ಷೆಯ ನಂತರ ಶವವನ್ನು ಕುಟುಂಬಕ್ಕೆ ಹಸ್ತಾಂತರಿಸಲಾಯಿತು.
ವ್ಯಕ್ತಿ ಮೇಲೆ ಅಪರಿಚಿತರಿಂದ ಹಲ್ಲೆ
ಮೈಸೂರು, ನ.8–	ನಗರದ ಬಡಾವಣೆಯೊಂದರಲ್ಲಿ ವ್ಯಕ್ತಿಯೊಬ್ಬರ ಮೇಲೆ ಅಪರಿಚಿತ ದುಷ್ಕರ್ಮಿಗಳು ಹಲ್ಲೆ ನಡೆಸಿ ಪರಾರಿಯಾಗಿರುವ ಘಟನೆ ನಡೆದಿದೆ. ಗಾಯಾಳುವನ್ನು ಆಸ್ಪತ್ರೆಗೆ ದಾಖಲಿಸಲಾಗಿದೆ.
ರಾತ್ರಿ ವೇಳೆ ಮನೆಗೆ ಹಿಂದಿರುಗುತ್ತಿದ್ದಾಗ ಬೈಕ್‌ನಲ್ಲಿ ಬಂದ ಮೂವರು ದುಷ್ಕರ್ಮಿಗಳು ಮಾರಕಾಸ್ತ್ರಗಳಿಂದ ಹಲ್ಲೆ ನಡೆಸಿದ್ದಾರೆ. ಹಳೆಯ ದ್ವೇಷ ಕಾರಣ ಇರಬಹುದು ಎಂದು ಶಂಕಿಸಲಾಗಿದೆ.
ಸ್ಥಳೀಯ ಪೊಲೀಸ್ ಠಾಣೆಯಲ್ಲಿ ಪ್ರಕರಣ ದಾಖಲಾಗಿದ್ದು, ಸಿಸಿಟಿವಿ ದೃಶ್ಯಗಳನ್ನು ಆಧರಿಸಿ ಆರೋಪಿಗಳ ಪತ್ತೆಗೆ ಬಲೆ ಬೀಸಲಾಗಿದೆ. ತನಿಖೆ ಪ್ರಗತಿಯಲ್ಲಿದೆ.
ಸೌಜನ್ಯ ಪ್ರಕರಣ: ಆರೋಪಿ ಸಂತೋಷ್ ರಾವ್
ಖುಲಾಸೆ ವಿರುದ್ಧ ಮೇಲ್ಮನವಿ ಸಲ್ಲಿಸಿದ ಸಿಬಿಐ
ಬೆಂಗಳೂರು: ಧರ್ಮಸ್ಥಳದ ಸೌಜನ್ಯ ಪ್ರಕರಣದಲ್ಲಿ ಆರೋಪಿ ಸಂತೋಷ್ ರಾವ್ ಅವರನ್ನು ಖುಲಾಸೆಗೊಳಿಸಿದ್ದ ಆದೇಶದ ವಿರುದ್ಧ ಸಿಬಿಐ ಹೈಕೋರ್ಟ್‌ಗೆ ಮೇಲ್ಮನವಿ ಸಲ್ಲಿಸಿದೆ.
ವಿಶೇಷ ನ್ಯಾಯಾಲಯ ಈ ಹಿಂದೆ ಸಾಕ್ಷ್ಯಾಧಾರ ಕೊರತೆಯ ಕಾರಣ ಆರೋಪಿಯನ್ನು ಖುಲಾಸೆಗೊಳಿಸಿತ್ತು. ಈ ಆದೇಶವನ್ನು ರದ್ದುಪಡಿಸುವಂತೆ ಸಿಬಿಐ ಕೋರಿದೆ.
Printed by T.S. Gopinath, Published by M. Govinde Gowda on behalf of Academy Newspapers Private Limited, 15-C Industrial 'A' Layout, Bannimantap, Mysore-570 015 and Printed at Academy Newspapers Private Limited, 15-C Industrial 'A' Layout, Bannimantap, Mysore-570 015 and Published at 15-C Industrial 'A' Layout, Bannimantap, Mysore-570 015, Editor: M. Govinde Gowda Ph: 2496520 / 2496521 / 2496526 / 2496527 / 2496528. Fax: 0821-2496525. CITY OFFICES: Visveswaraya Building, III Floor, K.R. CIRCLE, MYSORE-570 001. Ph: 2431774 and No. 114, D. DEVARAJ URS ROAD (Opposite Big Bus), MYSORE-570 001. Ph: 2428695. RNI Reg. No. 36581 / 1980 E-mail address: news@mysurumithra.com For advertisements: ad@mysurumithra.com
